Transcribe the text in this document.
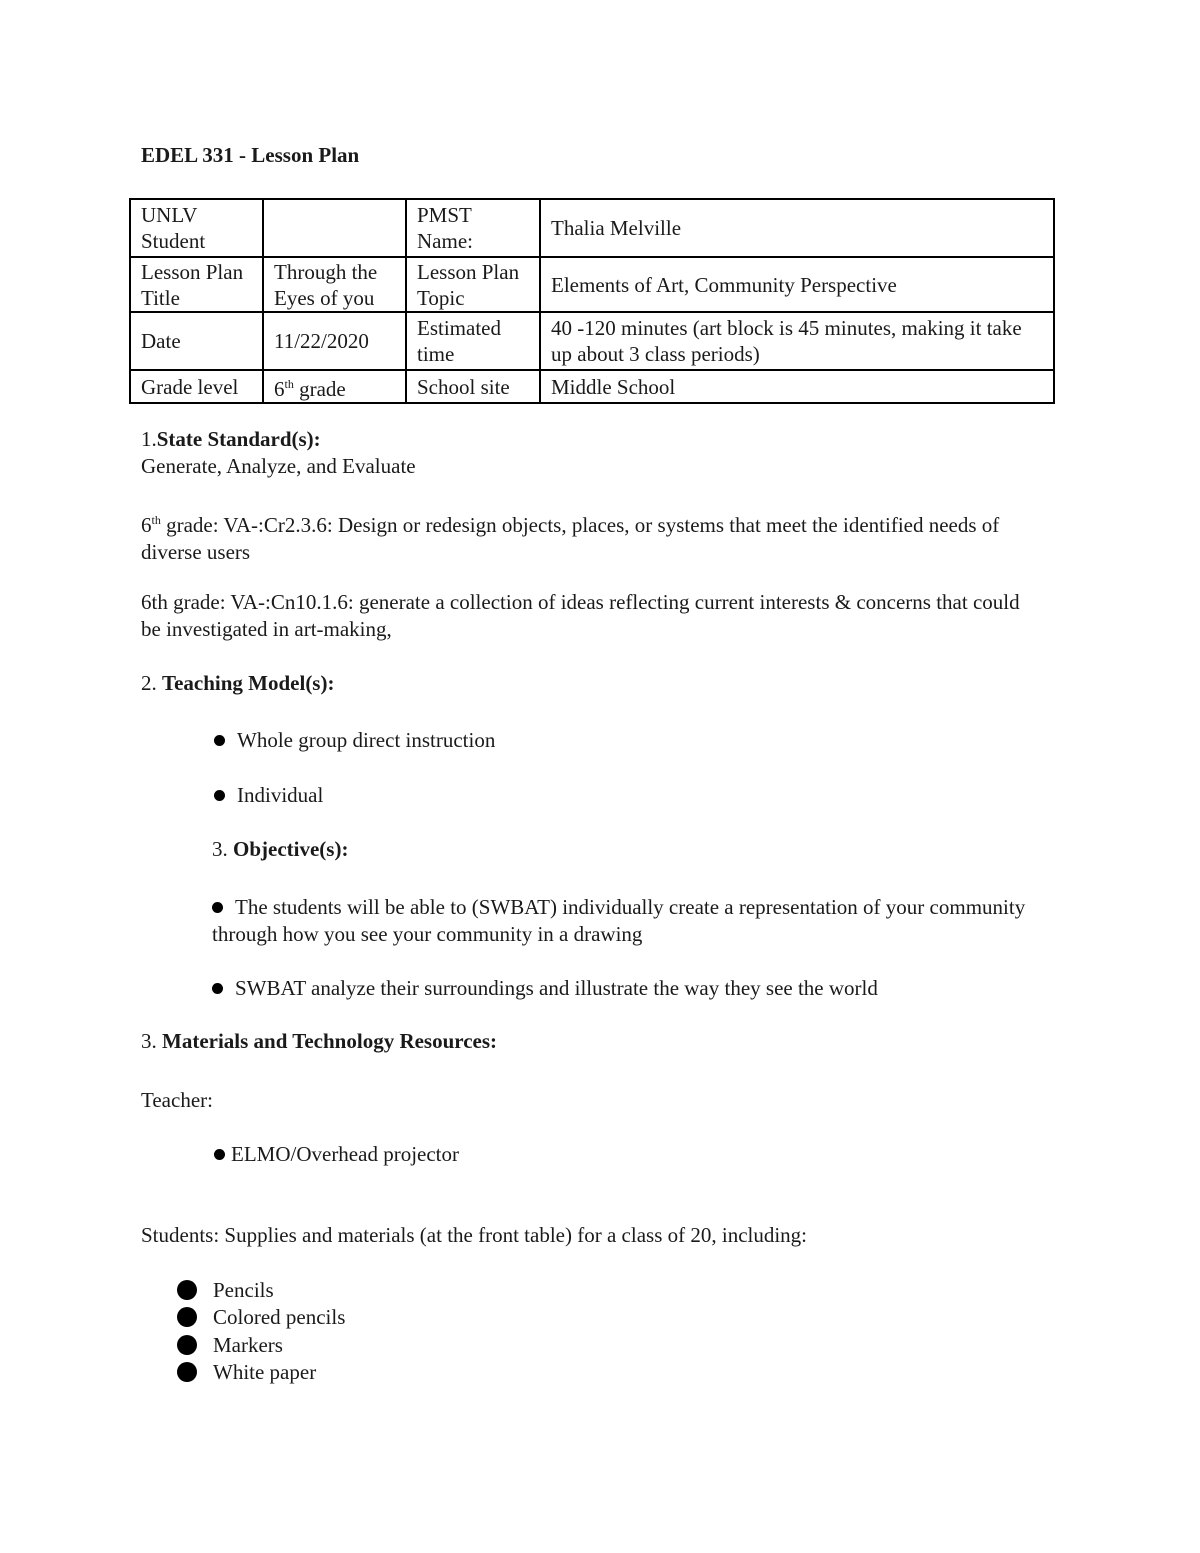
EDEL 331 - Lesson Plan
UNLV Student		PMST Name:	Thalia Melville
Lesson Plan Title	Through the Eyes of you	Lesson Plan Topic	Elements of Art, Community Perspective
Date	11/22/2020	Estimated time	40 -120 minutes (art block is 45 minutes, making it take up about 3 class periods)
Grade level	6th grade	School site	Middle School
1.State Standard(s):
Generate, Analyze, and Evaluate
6th grade: VA-:Cr2.3.6: Design or redesign objects, places, or systems that meet the identified needs of diverse users
6th grade: VA-:Cn10.1.6: generate a collection of ideas reflecting current interests & concerns that could be investigated in art-making,
2. Teaching Model(s):
Whole group direct instruction
Individual
3. Objective(s):
The students will be able to (SWBAT) individually create a representation of your community through how you see your community in a drawing
SWBAT analyze their surroundings and illustrate the way they see the world
3. Materials and Technology Resources:
Teacher:
ELMO/Overhead projector
Students: Supplies and materials (at the front table) for a class of 20, including:
Pencils
Colored pencils
Markers
White paper
